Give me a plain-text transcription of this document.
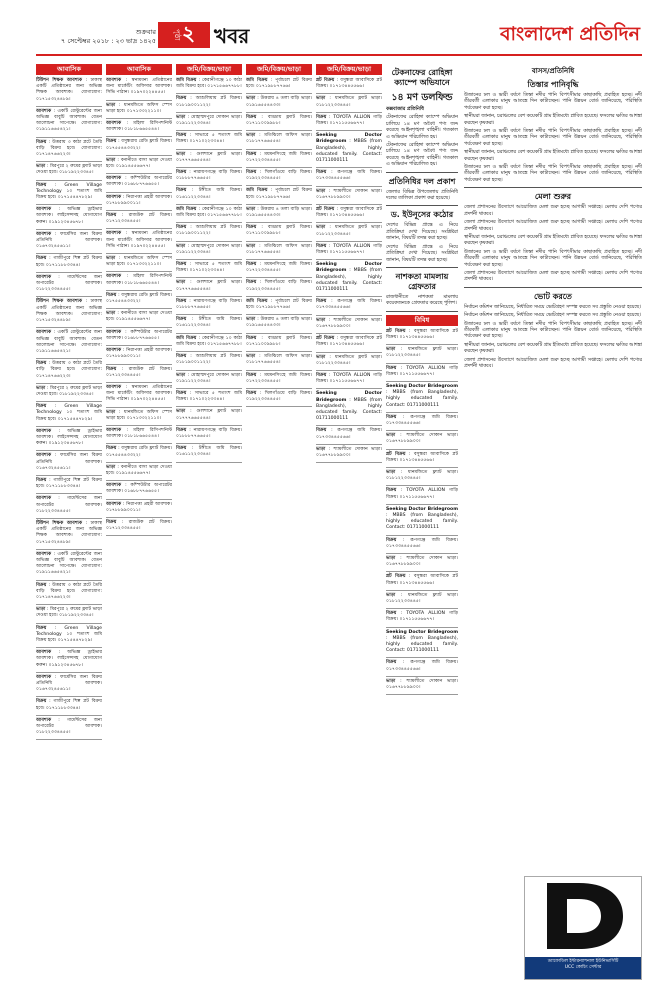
শুক্রবার
৭ সেপ্টেম্বর ২০১৮ : ২৩ ভাদ্র ১৪২৫
পৃষ্ঠা ২ খবর	বাংলাদেশ প্রতিদিন
আবাসিক
টিউশন শিক্ষক আবশ্যক : ঢাকাস্থ একটি প্রতিষ্ঠানের জন্য অভিজ্ঞ শিক্ষক আবশ্যক। যোগাযোগ: ০১৭১৫৩২৪৪৮৯।
আবশ্যক : একটি রেস্টুরেন্টের জন্য অভিজ্ঞ বাবুর্চি আবশ্যক। বেতন আলোচনা সাপেক্ষে। যোগাযোগ: ০১৯১১৬৬৫৪২১।
বিক্রয় : উত্তরায় ৩ কাঠা প্লটে তৈরি বাড়ি বিক্রয় হবে। যোগাযোগ: ০১৭১৪৭৬৬২২৩।
ভাড়া : মিরপুরে ২ রুমের ফ্ল্যাট ভাড়া দেওয়া হবে। ০১৮১৯২২৩৩৪৫।
বিক্রয় : Green Village Technology ১০ শতাংশ জমি বিক্রয় হবে। ০১৭১৫৪৪৭৮২৯।
আবশ্যক : অভিজ্ঞ ড্রাইভার আবশ্যক। লাইসেন্সসহ যোগাযোগ করুন। ০১৯১২৩৪৫৬৭৮।
আবশ্যক : ফার্মেসির জন্য বিক্রয় প্রতিনিধি আবশ্যক। ০১৬৭৩২৪৫৬১১।
বিক্রয় : গাজীপুরে শিল্প প্লট বিক্রয় হবে। ০১৭১১৮৮৩৩৪৪।
আবশ্যক : গার্মেন্টসের জন্য অপারেটর আবশ্যক। ০১৮২২৩৩৪৪৫৫।
টিউশন শিক্ষক আবশ্যক : ঢাকাস্থ একটি প্রতিষ্ঠানের জন্য অভিজ্ঞ শিক্ষক আবশ্যক। যোগাযোগ: ০১৭১৫৩২৪৪৮৯।
আবশ্যক : একটি রেস্টুরেন্টের জন্য অভিজ্ঞ বাবুর্চি আবশ্যক। বেতন আলোচনা সাপেক্ষে। যোগাযোগ: ০১৯১১৬৬৫৪২১।
বিক্রয় : উত্তরায় ৩ কাঠা প্লটে তৈরি বাড়ি বিক্রয় হবে। যোগাযোগ: ০১৭১৪৭৬৬২২৩।
ভাড়া : মিরপুরে ২ রুমের ফ্ল্যাট ভাড়া দেওয়া হবে। ০১৮১৯২২৩৩৪৫।
বিক্রয় : Green Village Technology ১০ শতাংশ জমি বিক্রয় হবে। ০১৭১৫৪৪৭৮২৯।
আবশ্যক : অভিজ্ঞ ড্রাইভার আবশ্যক। লাইসেন্সসহ যোগাযোগ করুন। ০১৯১২৩৪৫৬৭৮।
আবশ্যক : ফার্মেসির জন্য বিক্রয় প্রতিনিধি আবশ্যক। ০১৬৭৩২৪৫৬১১।
বিক্রয় : গাজীপুরে শিল্প প্লট বিক্রয় হবে। ০১৭১১৮৮৩৩৪৪।
আবশ্যক : গার্মেন্টসের জন্য অপারেটর আবশ্যক। ০১৮২২৩৩৪৪৫৫।
টিউশন শিক্ষক আবশ্যক : ঢাকাস্থ একটি প্রতিষ্ঠানের জন্য অভিজ্ঞ শিক্ষক আবশ্যক। যোগাযোগ: ০১৭১৫৩২৪৪৮৯।
আবশ্যক : একটি রেস্টুরেন্টের জন্য অভিজ্ঞ বাবুর্চি আবশ্যক। বেতন আলোচনা সাপেক্ষে। যোগাযোগ: ০১৯১১৬৬৫৪২১।
বিক্রয় : উত্তরায় ৩ কাঠা প্লটে তৈরি বাড়ি বিক্রয় হবে। যোগাযোগ: ০১৭১৪৭৬৬২২৩।
ভাড়া : মিরপুরে ২ রুমের ফ্ল্যাট ভাড়া দেওয়া হবে। ০১৮১৯২২৩৩৪৫।
বিক্রয় : Green Village Technology ১০ শতাংশ জমি বিক্রয় হবে। ০১৭১৫৪৪৭৮২৯।
আবশ্যক : অভিজ্ঞ ড্রাইভার আবশ্যক। লাইসেন্সসহ যোগাযোগ করুন। ০১৯১২৩৪৫৬৭৮।
আবশ্যক : ফার্মেসির জন্য বিক্রয় প্রতিনিধি আবশ্যক। ০১৬৭৩২৪৫৬১১।
বিক্রয় : গাজীপুরে শিল্প প্লট বিক্রয় হবে। ০১৭১১৮৮৩৩৪৪।
আবশ্যক : গার্মেন্টসের জন্য অপারেটর আবশ্যক। ০১৮২২৩৩৪৪৫৫।
আবাসিক
আবশ্যক : স্বনামধন্য প্রতিষ্ঠানের জন্য মার্কেটিং অফিসার আবশ্যক। সিভি পাঠান। ০১৯৭০২২৪৪৫৫।
ভাড়া : ধানমন্ডিতে অফিস স্পেস ভাড়া হবে। ০১৭১৩৩২২১১০।
আবশ্যক : মহিলা রিসিপশনিস্ট আবশ্যক। ০১৮১৮৬৬৫৫৪৪।
বিক্রয় : বসুন্ধরায় রেডি ফ্ল্যাট বিক্রয়। ০১৭৫৫৪৪৩৩২২।
ভাড়া : বনানীতে বাসা ভাড়া দেওয়া হবে। ০১৯১৪৫৫৬৬৭৭।
আবশ্যক : কম্পিউটার অপারেটর আবশ্যক। ০১৬৮৮৭৭৬৬৫৫।
আবশ্যক : নিরাপত্তা প্রহরী আবশ্যক। ০১৭৮৮৯৯০০১১।
বিক্রয় : রাজউক প্লট বিক্রয়। ০১৭১২৩৩৪৪৫৫।
আবশ্যক : স্বনামধন্য প্রতিষ্ঠানের জন্য মার্কেটিং অফিসার আবশ্যক। সিভি পাঠান। ০১৯৭০২২৪৪৫৫।
ভাড়া : ধানমন্ডিতে অফিস স্পেস ভাড়া হবে। ০১৭১৩৩২২১১০।
আবশ্যক : মহিলা রিসিপশনিস্ট আবশ্যক। ০১৮১৮৬৬৫৫৪৪।
বিক্রয় : বসুন্ধরায় রেডি ফ্ল্যাট বিক্রয়। ০১৭৫৫৪৪৩৩২২।
ভাড়া : বনানীতে বাসা ভাড়া দেওয়া হবে। ০১৯১৪৫৫৬৬৭৭।
আবশ্যক : কম্পিউটার অপারেটর আবশ্যক। ০১৬৮৮৭৭৬৬৫৫।
আবশ্যক : নিরাপত্তা প্রহরী আবশ্যক। ০১৭৮৮৯৯০০১১।
বিক্রয় : রাজউক প্লট বিক্রয়। ০১৭১২৩৩৪৪৫৫।
আবশ্যক : স্বনামধন্য প্রতিষ্ঠানের জন্য মার্কেটিং অফিসার আবশ্যক। সিভি পাঠান। ০১৯৭০২২৪৪৫৫।
ভাড়া : ধানমন্ডিতে অফিস স্পেস ভাড়া হবে। ০১৭১৩৩২২১১০।
আবশ্যক : মহিলা রিসিপশনিস্ট আবশ্যক। ০১৮১৮৬৬৫৫৪৪।
বিক্রয় : বসুন্ধরায় রেডি ফ্ল্যাট বিক্রয়। ০১৭৫৫৪৪৩৩২২।
ভাড়া : বনানীতে বাসা ভাড়া দেওয়া হবে। ০১৯১৪৫৫৬৬৭৭।
আবশ্যক : কম্পিউটার অপারেটর আবশ্যক। ০১৬৮৮৭৭৬৬৫৫।
আবশ্যক : নিরাপত্তা প্রহরী আবশ্যক। ০১৭৮৮৯৯০০১১।
বিক্রয় : রাজউক প্লট বিক্রয়। ০১৭১২৩৩৪৪৫৫।
জমি/বিক্রয়/ভাড়া
জমি বিক্রয় : কেরানীগঞ্জে ১০ কাঠা জমি বিক্রয় হবে। ০১৭১৫৬৬৭৭৮৮।
বিক্রয় : আশুলিয়ায় প্লট বিক্রয়। ০১৮১৯০০১১২২।
ভাড়া : মোহাম্মদপুরে দোকান ভাড়া। ০১৯১১২২৩৩৪৪।
বিক্রয় : সাভারে ৫ শতাংশ জমি বিক্রয়। ০১৭১০২২৩৩৪৪।
ভাড়া : গুলশানে ফ্ল্যাট ভাড়া। ০১৭৭৭৬৬৫৫৪৪।
বিক্রয় : নারায়ণগঞ্জে বাড়ি বিক্রয়। ০১৮৮৮৭৭৬৬৫৫।
বিক্রয় : টঙ্গীতে জমি বিক্রয়। ০১৬১১২২৩৩৪৪।
জমি বিক্রয় : কেরানীগঞ্জে ১০ কাঠা জমি বিক্রয় হবে। ০১৭১৫৬৬৭৭৮৮।
বিক্রয় : আশুলিয়ায় প্লট বিক্রয়। ০১৮১৯০০১১২২।
ভাড়া : মোহাম্মদপুরে দোকান ভাড়া। ০১৯১১২২৩৩৪৪।
বিক্রয় : সাভারে ৫ শতাংশ জমি বিক্রয়। ০১৭১০২২৩৩৪৪।
ভাড়া : গুলশানে ফ্ল্যাট ভাড়া। ০১৭৭৭৬৬৫৫৪৪।
বিক্রয় : নারায়ণগঞ্জে বাড়ি বিক্রয়। ০১৮৮৮৭৭৬৬৫৫।
বিক্রয় : টঙ্গীতে জমি বিক্রয়। ০১৬১১২২৩৩৪৪।
জমি বিক্রয় : কেরানীগঞ্জে ১০ কাঠা জমি বিক্রয় হবে। ০১৭১৫৬৬৭৭৮৮।
বিক্রয় : আশুলিয়ায় প্লট বিক্রয়। ০১৮১৯০০১১২২।
ভাড়া : মোহাম্মদপুরে দোকান ভাড়া। ০১৯১১২২৩৩৪৪।
বিক্রয় : সাভারে ৫ শতাংশ জমি বিক্রয়। ০১৭১০২২৩৩৪৪।
ভাড়া : গুলশানে ফ্ল্যাট ভাড়া। ০১৭৭৭৬৬৫৫৪৪।
বিক্রয় : নারায়ণগঞ্জে বাড়ি বিক্রয়। ০১৮৮৮৭৭৬৬৫৫।
বিক্রয় : টঙ্গীতে জমি বিক্রয়। ০১৬১১২২৩৩৪৪।
জমি/বিক্রয়/ভাড়া
জমি বিক্রয় : পূর্বাচলে প্লট বিক্রয় হবে। ০১৭১৯৮৮৭৭৬৬।
ভাড়া : উত্তরায় ৪ তলা বাড়ি ভাড়া। ০১৯১৬৫৫৪৪৩৩।
বিক্রয় : বাড্ডায় ফ্ল্যাট বিক্রয়। ০১৭১১০০৯৯৮৮।
ভাড়া : মতিঝিলে অফিস ভাড়া। ০১৮১৭৭৬৬৫৫৪।
বিক্রয় : ময়মনসিংহে জমি বিক্রয়। ০১৭২২৩৩৪৪৫৫।
বিক্রয় : খিলগাঁওয়ে বাড়ি বিক্রয়। ০১৯২২৩৩৪৪৫৫।
জমি বিক্রয় : পূর্বাচলে প্লট বিক্রয় হবে। ০১৭১৯৮৮৭৭৬৬।
ভাড়া : উত্তরায় ৪ তলা বাড়ি ভাড়া। ০১৯১৬৫৫৪৪৩৩।
বিক্রয় : বাড্ডায় ফ্ল্যাট বিক্রয়। ০১৭১১০০৯৯৮৮।
ভাড়া : মতিঝিলে অফিস ভাড়া। ০১৮১৭৭৬৬৫৫৪।
বিক্রয় : ময়মনসিংহে জমি বিক্রয়। ০১৭২২৩৩৪৪৫৫।
বিক্রয় : খিলগাঁওয়ে বাড়ি বিক্রয়। ০১৯২২৩৩৪৪৫৫।
জমি বিক্রয় : পূর্বাচলে প্লট বিক্রয় হবে। ০১৭১৯৮৮৭৭৬৬।
ভাড়া : উত্তরায় ৪ তলা বাড়ি ভাড়া। ০১৯১৬৫৫৪৪৩৩।
বিক্রয় : বাড্ডায় ফ্ল্যাট বিক্রয়। ০১৭১১০০৯৯৮৮।
ভাড়া : মতিঝিলে অফিস ভাড়া। ০১৮১৭৭৬৬৫৫৪।
বিক্রয় : ময়মনসিংহে জমি বিক্রয়। ০১৭২২৩৩৪৪৫৫।
বিক্রয় : খিলগাঁওয়ে বাড়ি বিক্রয়। ০১৯২২৩৩৪৪৫৫।
জমি/বিক্রয়/ভাড়া
প্লট বিক্রয় : বসুন্ধরা আবাসিকে প্লট বিক্রয়। ০১৭১৩৪৪৫৫৬৬।
ভাড়া : ধানমন্ডিতে ফ্ল্যাট ভাড়া। ০১৮১২২৩৩৪৪৫।
বিক্রয় : TOYOTA ALLION গাড়ি বিক্রয়। ০১৭১১৫৫৬৬৭৭।
Seeking Doctor Bridegroom : MBBS (from Bangladesh), highly educated family. Contact: 01711000111
বিক্রয় : রূপগঞ্জে জমি বিক্রয়। ০১৭৩৩৪৪৫৫৬৬।
ভাড়া : শ্যামলীতে দোকান ভাড়া। ০১৬৭৭৮৮৯৯০০।
প্লট বিক্রয় : বসুন্ধরা আবাসিকে প্লট বিক্রয়। ০১৭১৩৪৪৫৫৬৬।
ভাড়া : ধানমন্ডিতে ফ্ল্যাট ভাড়া। ০১৮১২২৩৩৪৪৫।
বিক্রয় : TOYOTA ALLION গাড়ি বিক্রয়। ০১৭১১৫৫৬৬৭৭।
Seeking Doctor Bridegroom : MBBS (from Bangladesh), highly educated family. Contact: 01711000111
বিক্রয় : রূপগঞ্জে জমি বিক্রয়। ০১৭৩৩৪৪৫৫৬৬।
ভাড়া : শ্যামলীতে দোকান ভাড়া। ০১৬৭৭৮৮৯৯০০।
প্লট বিক্রয় : বসুন্ধরা আবাসিকে প্লট বিক্রয়। ০১৭১৩৪৪৫৫৬৬।
ভাড়া : ধানমন্ডিতে ফ্ল্যাট ভাড়া। ০১৮১২২৩৩৪৪৫।
বিক্রয় : TOYOTA ALLION গাড়ি বিক্রয়। ০১৭১১৫৫৬৬৭৭।
Seeking Doctor Bridegroom : MBBS (from Bangladesh), highly educated family. Contact: 01711000111
বিক্রয় : রূপগঞ্জে জমি বিক্রয়। ০১৭৩৩৪৪৫৫৬৬।
ভাড়া : শ্যামলীতে দোকান ভাড়া। ০১৬৭৭৮৮৯৯০০।
টেকনাফের রোহিঙ্গা ক্যাম্পে অভিযানে
১৪ মণ ডলফিন্ড
কক্সবাজার প্রতিনিধি
টেকনাফের রোহিঙ্গা ক্যাম্পে অভিযান চালিয়ে ১৪ মণ অবৈধ পণ্য জব্দ করেছে আইনশৃঙ্খলা বাহিনী। গতকাল এ অভিযান পরিচালিত হয়।
টেকনাফের রোহিঙ্গা ক্যাম্পে অভিযান চালিয়ে ১৪ মণ অবৈধ পণ্য জব্দ করেছে আইনশৃঙ্খলা বাহিনী। গতকাল এ অভিযান পরিচালিত হয়।
প্রতিনিধির দল প্রকাশ
জেলার বিভিন্ন উপজেলায় প্রতিনিধি দলের তালিকা প্রকাশ করা হয়েছে।
ড. ইউনূসের কঠোর
দেশের বিভিন্ন প্রান্তে এ নিয়ে প্রতিক্রিয়া দেখা দিয়েছে। সংশ্লিষ্টরা জানান, বিষয়টি তদন্ত করা হচ্ছে।
দেশের বিভিন্ন প্রান্তে এ নিয়ে প্রতিক্রিয়া দেখা দিয়েছে। সংশ্লিষ্টরা জানান, বিষয়টি তদন্ত করা হচ্ছে।
নাশকতা মামলায় গ্রেফতার
রাজধানীতে নাশকতা মামলায় কয়েকজনকে গ্রেফতার করেছে পুলিশ।
বিবিধ
প্লট বিক্রয় : বসুন্ধরা আবাসিকে প্লট বিক্রয়। ০১৭১৩৪৪৫৫৬৬।
ভাড়া : ধানমন্ডিতে ফ্ল্যাট ভাড়া। ০১৮১২২৩৩৪৪৫।
বিক্রয় : TOYOTA ALLION গাড়ি বিক্রয়। ০১৭১১৫৫৬৬৭৭।
Seeking Doctor Bridegroom : MBBS (from Bangladesh), highly educated family. Contact: 01711000111
বিক্রয় : রূপগঞ্জে জমি বিক্রয়। ০১৭৩৩৪৪৫৫৬৬।
ভাড়া : শ্যামলীতে দোকান ভাড়া। ০১৬৭৭৮৮৯৯০০।
প্লট বিক্রয় : বসুন্ধরা আবাসিকে প্লট বিক্রয়। ০১৭১৩৪৪৫৫৬৬।
ভাড়া : ধানমন্ডিতে ফ্ল্যাট ভাড়া। ০১৮১২২৩৩৪৪৫।
বিক্রয় : TOYOTA ALLION গাড়ি বিক্রয়। ০১৭১১৫৫৬৬৭৭।
Seeking Doctor Bridegroom : MBBS (from Bangladesh), highly educated family. Contact: 01711000111
বিক্রয় : রূপগঞ্জে জমি বিক্রয়। ০১৭৩৩৪৪৫৫৬৬।
ভাড়া : শ্যামলীতে দোকান ভাড়া। ০১৬৭৭৮৮৯৯০০।
প্লট বিক্রয় : বসুন্ধরা আবাসিকে প্লট বিক্রয়। ০১৭১৩৪৪৫৫৬৬।
ভাড়া : ধানমন্ডিতে ফ্ল্যাট ভাড়া। ০১৮১২২৩৩৪৪৫।
বিক্রয় : TOYOTA ALLION গাড়ি বিক্রয়। ০১৭১১৫৫৬৬৭৭।
Seeking Doctor Bridegroom : MBBS (from Bangladesh), highly educated family. Contact: 01711000111
বিক্রয় : রূপগঞ্জে জমি বিক্রয়। ০১৭৩৩৪৪৫৫৬৬।
ভাড়া : শ্যামলীতে দোকান ভাড়া। ০১৬৭৭৮৮৯৯০০।
বাসস/প্রতিনিধি
তিস্তার পানিবৃদ্ধি
উজানের ঢল ও ভারী বর্ষণে তিস্তা নদীর পানি বিপৎসীমার কাছাকাছি প্রবাহিত হচ্ছে। নদী তীরবর্তী এলাকার মানুষ আতঙ্কে দিন কাটাচ্ছেন। পানি উন্নয়ন বোর্ড জানিয়েছে, পরিস্থিতি পর্যবেক্ষণ করা হচ্ছে।
স্থানীয়রা জানান, চরাঞ্চলের বেশ কয়েকটি গ্রাম ইতিমধ্যে প্লাবিত হয়েছে। ফসলের ক্ষতির আশঙ্কা করছেন কৃষকরা।
উজানের ঢল ও ভারী বর্ষণে তিস্তা নদীর পানি বিপৎসীমার কাছাকাছি প্রবাহিত হচ্ছে। নদী তীরবর্তী এলাকার মানুষ আতঙ্কে দিন কাটাচ্ছেন। পানি উন্নয়ন বোর্ড জানিয়েছে, পরিস্থিতি পর্যবেক্ষণ করা হচ্ছে।
স্থানীয়রা জানান, চরাঞ্চলের বেশ কয়েকটি গ্রাম ইতিমধ্যে প্লাবিত হয়েছে। ফসলের ক্ষতির আশঙ্কা করছেন কৃষকরা।
উজানের ঢল ও ভারী বর্ষণে তিস্তা নদীর পানি বিপৎসীমার কাছাকাছি প্রবাহিত হচ্ছে। নদী তীরবর্তী এলাকার মানুষ আতঙ্কে দিন কাটাচ্ছেন। পানি উন্নয়ন বোর্ড জানিয়েছে, পরিস্থিতি পর্যবেক্ষণ করা হচ্ছে।
মেলা শুরুর
জেলা প্রশাসনের উদ্যোগে আয়োজিত মেলা শুরু হচ্ছে আগামী সপ্তাহে। মেলায় দেশি পণ্যের প্রদর্শনী থাকবে।
জেলা প্রশাসনের উদ্যোগে আয়োজিত মেলা শুরু হচ্ছে আগামী সপ্তাহে। মেলায় দেশি পণ্যের প্রদর্শনী থাকবে।
স্থানীয়রা জানান, চরাঞ্চলের বেশ কয়েকটি গ্রাম ইতিমধ্যে প্লাবিত হয়েছে। ফসলের ক্ষতির আশঙ্কা করছেন কৃষকরা।
উজানের ঢল ও ভারী বর্ষণে তিস্তা নদীর পানি বিপৎসীমার কাছাকাছি প্রবাহিত হচ্ছে। নদী তীরবর্তী এলাকার মানুষ আতঙ্কে দিন কাটাচ্ছেন। পানি উন্নয়ন বোর্ড জানিয়েছে, পরিস্থিতি পর্যবেক্ষণ করা হচ্ছে।
জেলা প্রশাসনের উদ্যোগে আয়োজিত মেলা শুরু হচ্ছে আগামী সপ্তাহে। মেলায় দেশি পণ্যের প্রদর্শনী থাকবে।
ভোট করতে
নির্বাচন কমিশন জানিয়েছে, নির্ধারিত সময়ে ভোটগ্রহণ সম্পন্ন করতে সব প্রস্তুতি নেওয়া হয়েছে।
নির্বাচন কমিশন জানিয়েছে, নির্ধারিত সময়ে ভোটগ্রহণ সম্পন্ন করতে সব প্রস্তুতি নেওয়া হয়েছে।
উজানের ঢল ও ভারী বর্ষণে তিস্তা নদীর পানি বিপৎসীমার কাছাকাছি প্রবাহিত হচ্ছে। নদী তীরবর্তী এলাকার মানুষ আতঙ্কে দিন কাটাচ্ছেন। পানি উন্নয়ন বোর্ড জানিয়েছে, পরিস্থিতি পর্যবেক্ষণ করা হচ্ছে।
স্থানীয়রা জানান, চরাঞ্চলের বেশ কয়েকটি গ্রাম ইতিমধ্যে প্লাবিত হয়েছে। ফসলের ক্ষতির আশঙ্কা করছেন কৃষকরা।
জেলা প্রশাসনের উদ্যোগে আয়োজিত মেলা শুরু হচ্ছে আগামী সপ্তাহে। মেলায় দেশি পণ্যের প্রদর্শনী থাকবে।
ড্যাফোডিল ইন্টারন্যাশনাল ইউনিভার্সিটি
UCC কোচিং সেন্টার
